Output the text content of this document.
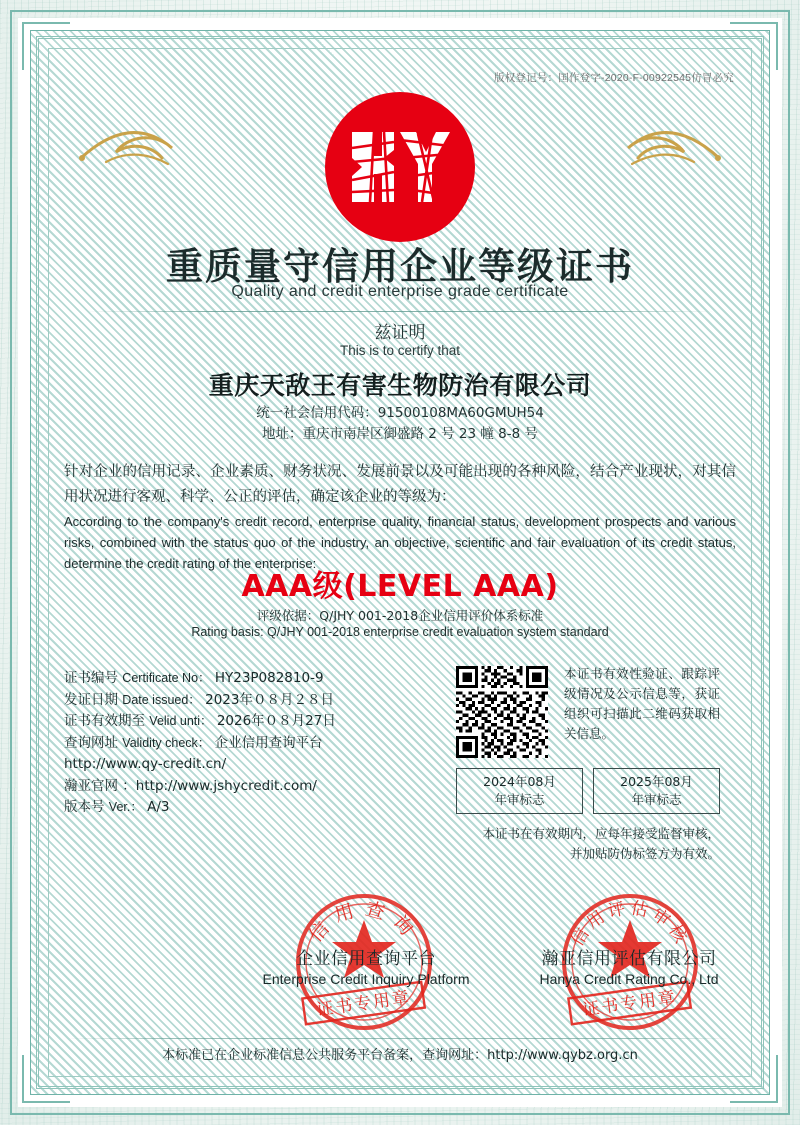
版权登记号：国作登字-2020-F-00922545仿冒必究
重质量守信用企业等级证书
Quality and credit enterprise grade certificate
兹证明
This is to certify that
重庆天敌王有害生物防治有限公司
统一社会信用代码：91500108MA60GMUH54
地址：重庆市南岸区御盛路 2 号 23 幢 8-8 号
针对企业的信用记录、企业素质、财务状况、发展前景以及可能出现的各种风险，结合产业现状，对其信用状况进行客观、科学、公正的评估，确定该企业的等级为：
According to the company's credit record, enterprise quality, financial status, development prospects and various risks, combined with the status quo of the industry, an objective, scientific and fair evaluation of its credit status, determine the credit rating of the enterprise:
AAA级(LEVEL AAA)
评级依据：Q/JHY 001-2018企业信用评价体系标准
Rating basis: Q/JHY 001-2018 enterprise credit evaluation system standard
证书编号 Certificate No： HY23P082810-9
发证日期 Date issued： 2023年０８月２８日
证书有效期至 Velid unti： 2026年０８月27日
查询网址 Validity check： 企业信用查询平台
http://www.qy-credit.cn/
瀚亚官网 ：http://www.jshycredit.com/
版本号 Ver.： A/3
本证书有效性验证、跟踪评级情况及公示信息等，获证组织可扫描此二维码获取相关信息。
2024年08月
年审标志
2025年08月
年审标志
本证书在有效期内，应每年接受监督审核，
并加贴防伪标签方为有效。
信用查询
证书专用章
信用评估审核
证书专用章
企业信用查询平台
Enterprise Credit Inquiry Platform
瀚亚信用评估有限公司
Hanya Credit Rating Co., Ltd
本标准已在企业标准信息公共服务平台备案，查询网址：http://www.qybz.org.cn
